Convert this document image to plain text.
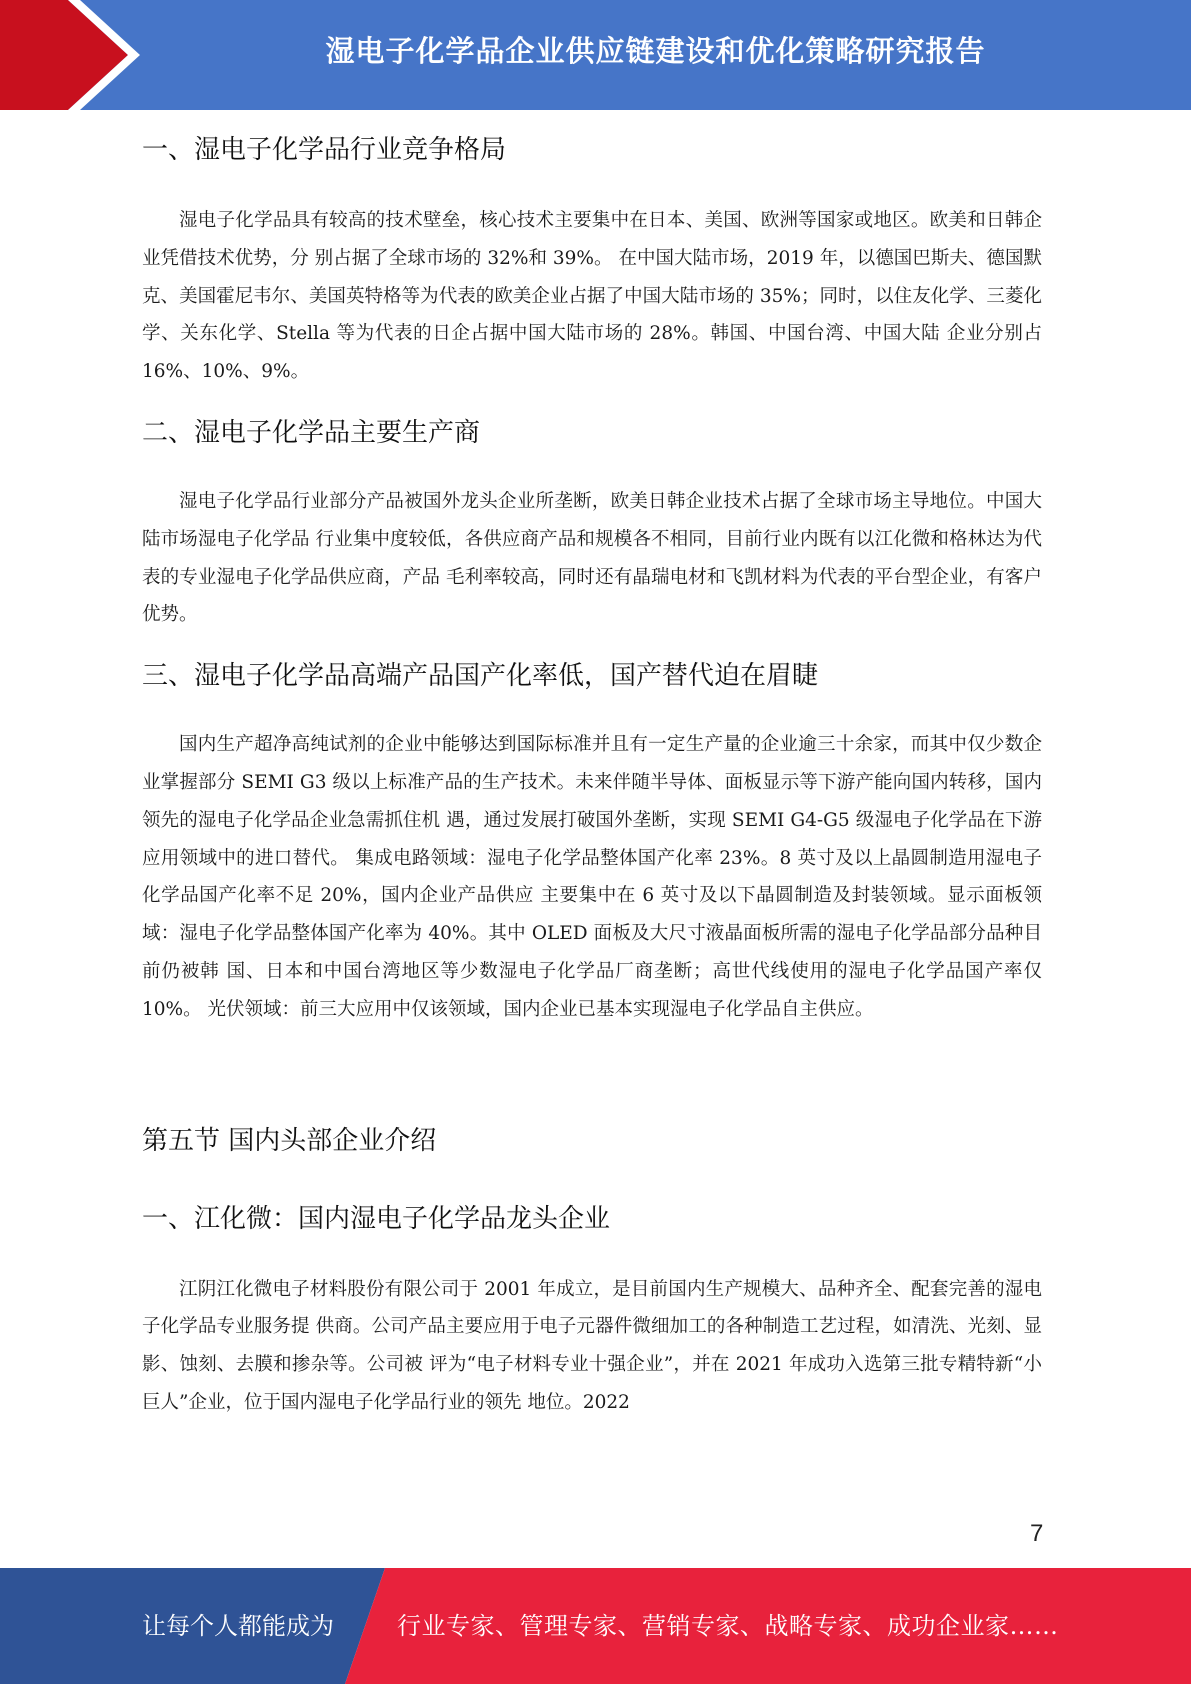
湿电子化学品企业供应链建设和优化策略研究报告
一、湿电子化学品行业竞争格局

湿电子化学品具有较高的技术壁垒，核心技术主要集中在日本、美国、欧洲等国家或地区。欧美和日韩企业凭借技术优势，分 别占据了全球市场的 32%和 39%。 在中国大陆市场，2019 年，以德国巴斯夫、德国默克、美国霍尼韦尔、美国英特格等为代表的欧美企业占据了中国大陆市场的 35%；同时，以住友化学、三菱化学、关东化学、Stella 等为代表的日企占据中国大陆市场的 28%。韩国、中国台湾、中国大陆 企业分别占 16%、10%、9%。

二、湿电子化学品主要生产商

湿电子化学品行业部分产品被国外龙头企业所垄断，欧美日韩企业技术占据了全球市场主导地位。中国大陆市场湿电子化学品 行业集中度较低，各供应商产品和规模各不相同，目前行业内既有以江化微和格林达为代表的专业湿电子化学品供应商，产品 毛利率较高，同时还有晶瑞电材和飞凯材料为代表的平台型企业，有客户优势。

三、湿电子化学品高端产品国产化率低，国产替代迫在眉睫

国内生产超净高纯试剂的企业中能够达到国际标准并且有一定生产量的企业逾三十余家，而其中仅少数企业掌握部分 SEMI G3 级以上标准产品的生产技术。未来伴随半导体、面板显示等下游产能向国内转移，国内领先的湿电子化学品企业急需抓住机 遇，通过发展打破国外垄断，实现 SEMI G4-G5 级湿电子化学品在下游应用领域中的进口替代。 集成电路领域：湿电子化学品整体国产化率 23%。8 英寸及以上晶圆制造用湿电子化学品国产化率不足 20%，国内企业产品供应 主要集中在 6 英寸及以下晶圆制造及封装领域。显示面板领域：湿电子化学品整体国产化率为 40%。其中 OLED 面板及大尺寸液晶面板所需的湿电子化学品部分品种目前仍被韩 国、日本和中国台湾地区等少数湿电子化学品厂商垄断；高世代线使用的湿电子化学品国产率仅 10%。 光伏领域：前三大应用中仅该领域，国内企业已基本实现湿电子化学品自主供应。

第五节 国内头部企业介绍
一、江化微：国内湿电子化学品龙头企业

江阴江化微电子材料股份有限公司于 2001 年成立，是目前国内生产规模大、品种齐全、配套完善的湿电子化学品专业服务提 供商。公司产品主要应用于电子元器件微细加工的各种制造工艺过程，如清洗、光刻、显影、蚀刻、去膜和掺杂等。公司被 评为“电子材料专业十强企业”，并在 2021 年成功入选第三批专精特新“小巨人”企业，位于国内湿电子化学品行业的领先 地位。2022

7
让每个人都能成为	行业专家、管理专家、营销专家、战略专家、成功企业家……
